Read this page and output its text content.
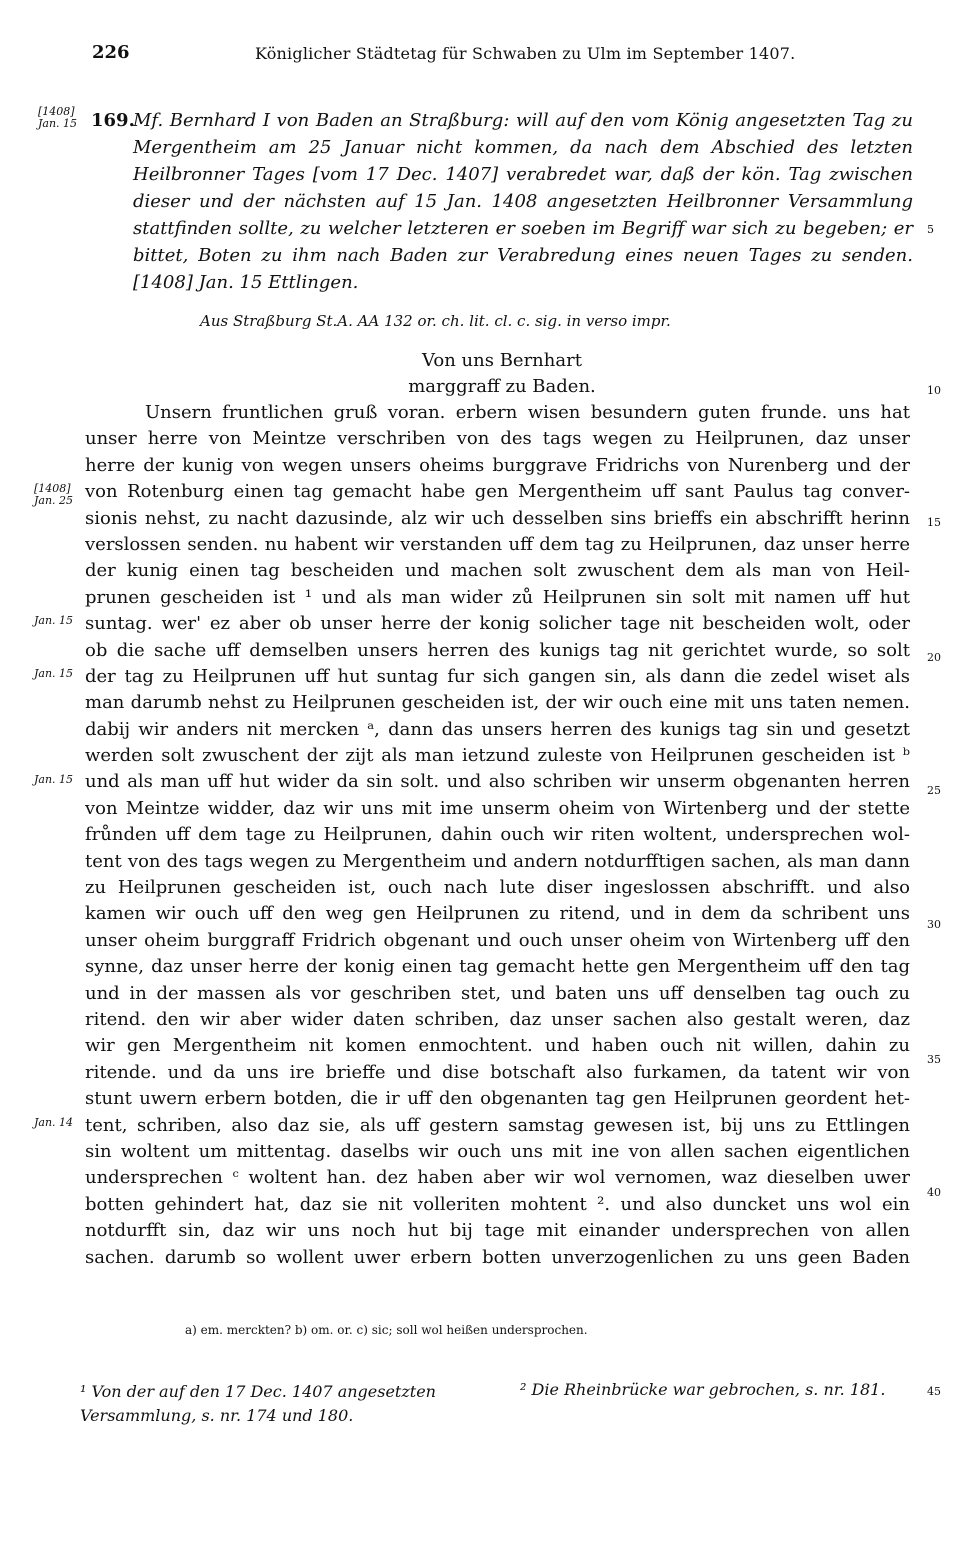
226	Königlicher Städtetag für Schwaben zu Ulm im September 1407.
[1408] Jan. 15 169.
Mf. Bernhard I von Baden an Straßburg: will auf den vom König angesetzten Tag zu Mergentheim am 25 Januar nicht kommen, da nach dem Abschied des letzten Heilbronner Tages [vom 17 Dec. 1407] verabredet war, daß der kön. Tag zwischen dieser und der nächsten auf 15 Jan. 1408 angesetzten Heilbronner Versammlung stattfinden sollte, zu welcher letzteren er soeben im Begriff war sich zu begeben; er bittet, Boten zu ihm nach Baden zur Verabredung eines neuen Tages zu senden. [1408] Jan. 15 Ettlingen.
Aus Straßburg St.A. AA 132 or. ch. lit. cl. c. sig. in verso impr.
Von uns Bernhart
marggraff zu Baden.
Unsern fruntlichen gruß voran. erbern wisen besundern guten frunde. uns hat
unser herre von Meintze verschriben von des tags wegen zu Heilprunen, daz unser
herre der kunig von wegen unsers oheims burggrave Fridrichs von Nurenberg und der
von Rotenburg einen tag gemacht habe gen Mergentheim uff sant Paulus tag conver-
sionis nehst, zu nacht dazusinde, alz wir uch desselben sins brieffs ein abschrifft herinn
verslossen senden. nu habent wir verstanden uff dem tag zu Heilprunen, daz unser herre
der kunig einen tag bescheiden und machen solt zwuschent dem als man von Heil-
prunen gescheiden ist ¹ und als man wider zů Heilprunen sin solt mit namen uff hut
suntag. wer' ez aber ob unser herre der konig solicher tage nit bescheiden wolt, oder
ob die sache uff demselben unsers herren des kunigs tag nit gerichtet wurde, so solt
der tag zu Heilprunen uff hut suntag fur sich gangen sin, als dann die zedel wiset als
man darumb nehst zu Heilprunen gescheiden ist, der wir ouch eine mit uns taten nemen.
dabij wir anders nit mercken ᵃ, dann das unsers herren des kunigs tag sin und gesetzt
werden solt zwuschent der zijt als man ietzund zuleste von Heilprunen gescheiden ist ᵇ
und als man uff hut wider da sin solt. und also schriben wir unserm obgenanten herren
von Meintze widder, daz wir uns mit ime unserm oheim von Wirtenberg und der stette
frůnden uff dem tage zu Heilprunen, dahin ouch wir riten woltent, undersprechen wol-
tent von des tags wegen zu Mergentheim und andern notdurfftigen sachen, als man dann
zu Heilprunen gescheiden ist, ouch nach lute diser ingeslossen abschrifft. und also
kamen wir ouch uff den weg gen Heilprunen zu ritend, und in dem da schribent uns
unser oheim burggraff Fridrich obgenant und ouch unser oheim von Wirtenberg uff den
synne, daz unser herre der konig einen tag gemacht hette gen Mergentheim uff den tag
und in der massen als vor geschriben stet, und baten uns uff denselben tag ouch zu
ritend. den wir aber wider daten schriben, daz unser sachen also gestalt weren, daz
wir gen Mergentheim nit komen enmochtent. und haben ouch nit willen, dahin zu
ritende. und da uns ire brieffe und dise botschaft also furkamen, da tatent wir von
stunt uwern erbern botden, die ir uff den obgenanten tag gen Heilprunen geordent het-
tent, schriben, also daz sie, als uff gestern samstag gewesen ist, bij uns zu Ettlingen
sin woltent um mittentag. daselbs wir ouch uns mit ine von allen sachen eigentlichen
undersprechen ᶜ woltent han. dez haben aber wir wol vernomen, waz dieselben uwer
botten gehindert hat, daz sie nit volleriten mohtent ². und also duncket uns wol ein
notdurfft sin, daz wir uns noch hut bij tage mit einander undersprechen von allen
sachen. darumb so wollent uwer erbern botten unverzogenlichen zu uns geen Baden
[1408] Jan. 25
Jan. 15
Jan. 15
Jan. 15
Jan. 14
5
10
15
20
25
30
35
40
45
a) em. merckten? b) om. or. c) sic; soll wol heißen undersprochen.
¹ Von der auf den 17 Dec. 1407 angesetzten Versammlung, s. nr. 174 und 180.
² Die Rheinbrücke war gebrochen, s. nr. 181.
